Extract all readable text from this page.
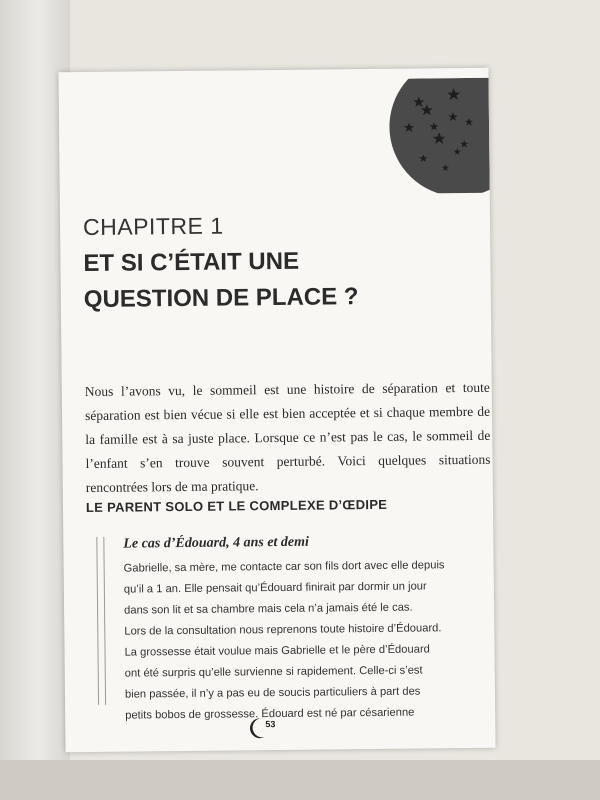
CHAPITRE 1
ET SI C’ÉTAIT UNE
QUESTION DE PLACE ?

Nous l’avons vu, le sommeil est une histoire de séparation et toute séparation est bien vécue si elle est bien acceptée et si chaque membre de la famille est à sa juste place. Lorsque ce n’est pas le cas, le sommeil de l’enfant s’en trouve souvent perturbé. Voici quelques situations rencontrées lors de ma pratique.

LE PARENT SOLO ET LE COMPLEXE D’ŒDIPE
Le cas d’Édouard, 4 ans et demi
Gabrielle, sa mère, me contacte car son fils dort avec elle depuis
qu’il a 1 an. Elle pensait qu’Édouard finirait par dormir un jour
dans son lit et sa chambre mais cela n’a jamais été le cas.
Lors de la consultation nous reprenons toute histoire d’Édouard.
La grossesse était voulue mais Gabrielle et le père d’Édouard
ont été surpris qu’elle survienne si rapidement. Celle-ci s’est
bien passée, il n’y a pas eu de soucis particuliers à part des
petits bobos de grossesse. Édouard est né par césarienne
53
